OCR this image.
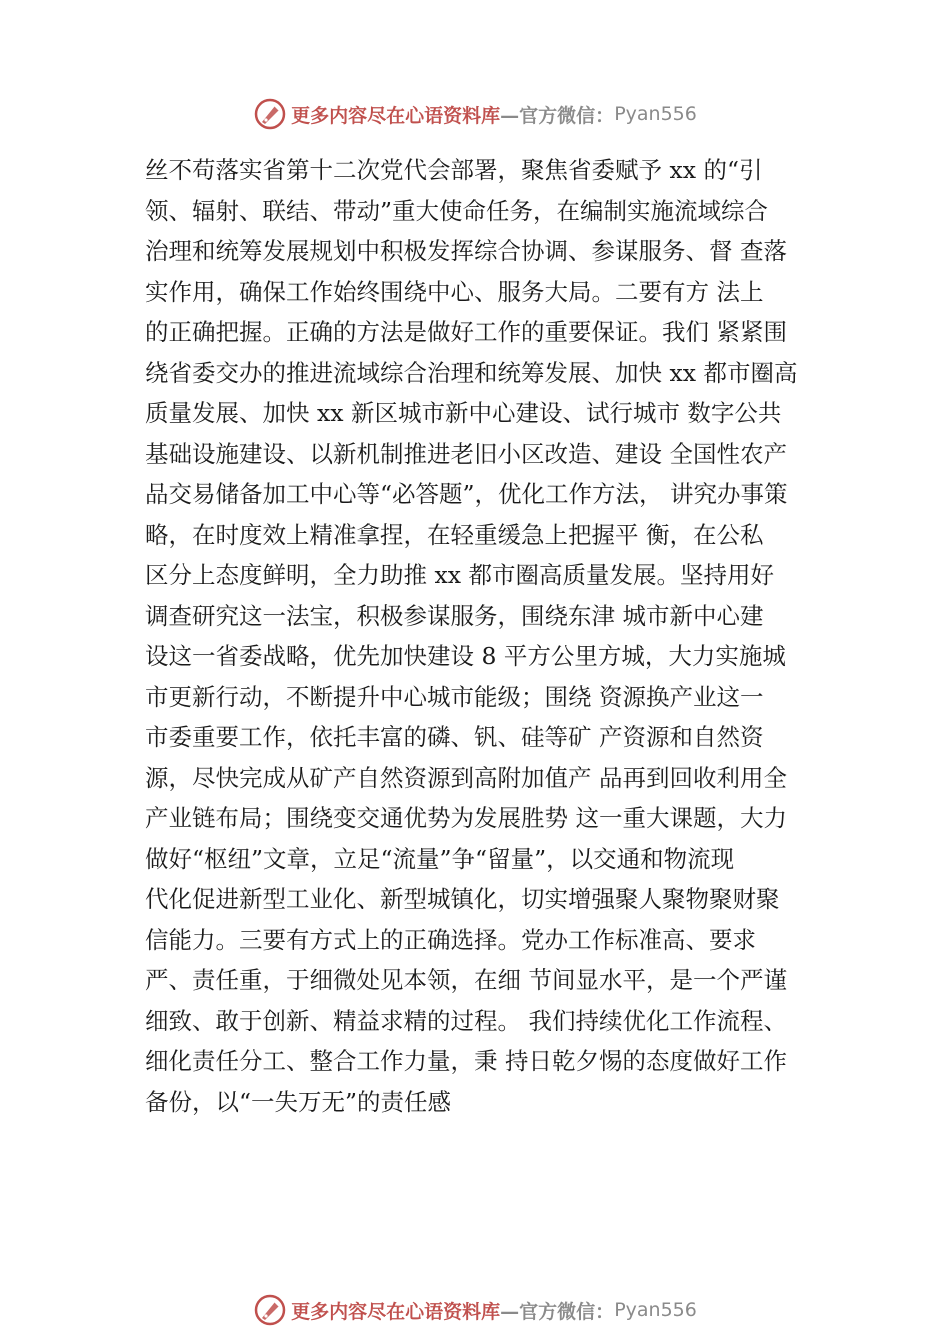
更多内容尽在心语资料库 —官方微信： Pyan556
丝不苟落实省第十二次党代会部署，聚焦省委赋予 xx 的“引
领、辐射、联结、带动”重大使命任务，在编制实施流域综合
治理和统筹发展规划中积极发挥综合协调、参谋服务、督 查落
实作用，确保工作始终围绕中心、服务大局。二要有方 法上
的正确把握。正确的方法是做好工作的重要保证。我们 紧紧围
绕省委交办的推进流域综合治理和统筹发展、加快 xx 都市圈高
质量发展、加快 xx 新区城市新中心建设、试行城市 数字公共
基础设施建设、以新机制推进老旧小区改造、建设 全国性农产
品交易储备加工中心等“必答题”，优化工作方法， 讲究办事策
略，在时度效上精准拿捏，在轻重缓急上把握平 衡，在公私
区分上态度鲜明，全力助推 xx 都市圈高质量发展。坚持用好
调查研究这一法宝，积极参谋服务，围绕东津 城市新中心建
设这一省委战略，优先加快建设 8 平方公里方城，大力实施城
市更新行动，不断提升中心城市能级；围绕 资源换产业这一
市委重要工作，依托丰富的磷、钒、硅等矿 产资源和自然资
源，尽快完成从矿产自然资源到高附加值产 品再到回收利用全
产业链布局；围绕变交通优势为发展胜势 这一重大课题，大力
做好“枢纽”文章，立足“流量”争“留量”，以交通和物流现
代化促进新型工业化、新型城镇化，切实增强聚人聚物聚财聚
信能力。三要有方式上的正确选择。党办工作标准高、要求
严、责任重，于细微处见本领，在细 节间显水平，是一个严谨
细致、敢于创新、精益求精的过程。 我们持续优化工作流程、
细化责任分工、整合工作力量，秉 持日乾夕惕的态度做好工作
备份，以“一失万无”的责任感
更多内容尽在心语资料库 —官方微信： Pyan556
